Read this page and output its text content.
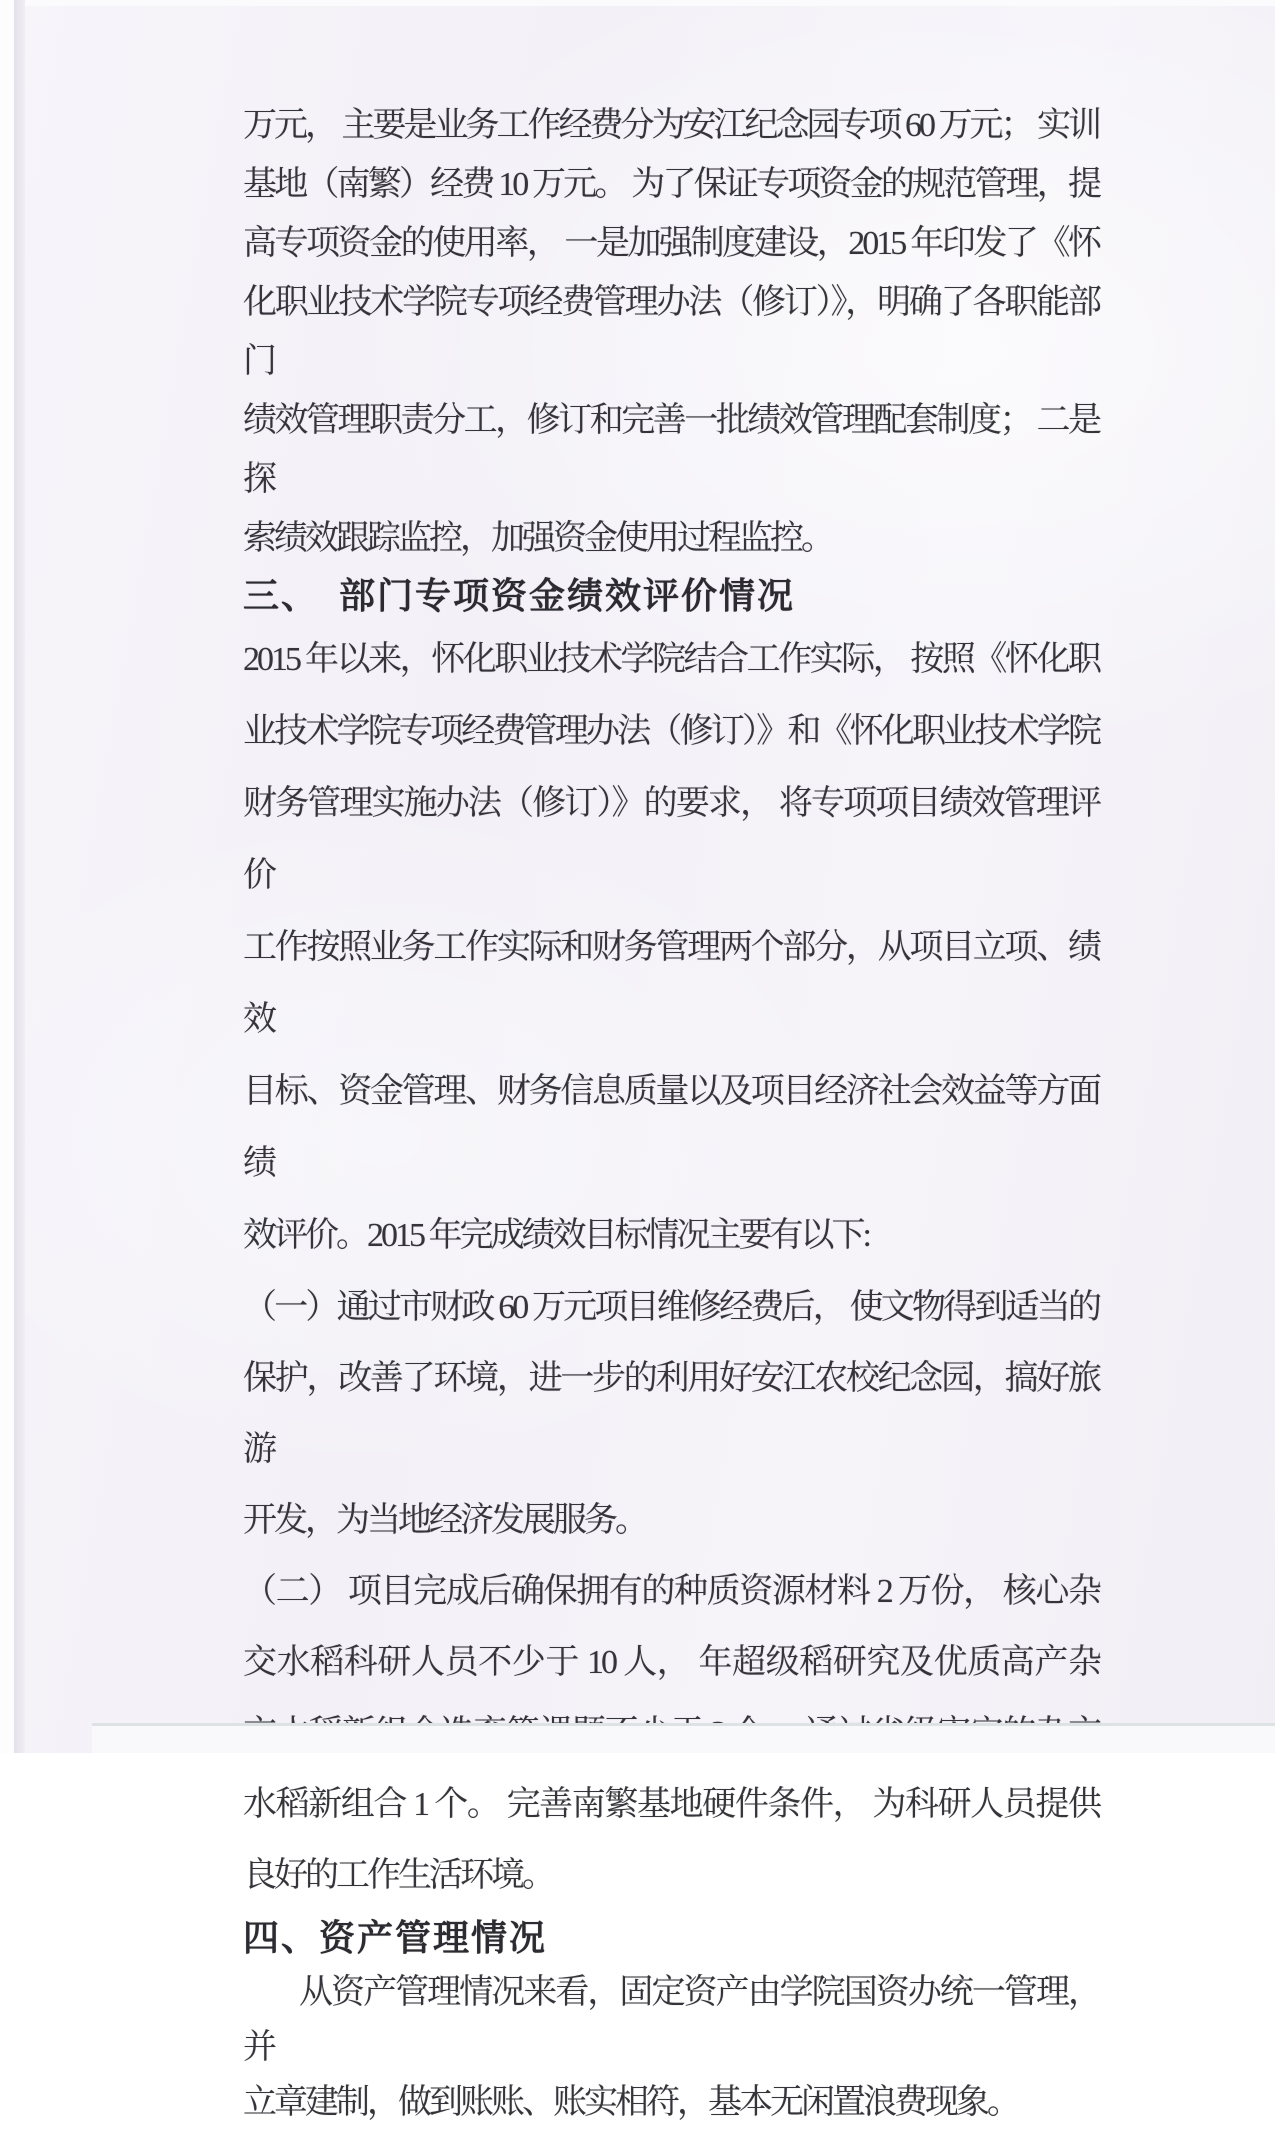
万元， 主要是业务工作经费分为安江纪念园专项 60 万元； 实训
基地（南繁）经费 10 万元。 为了保证专项资金的规范管理，提
高专项资金的使用率， 一是加强制度建设，2015 年印发了《怀
化职业技术学院专项经费管理办法（修订）》，明确了各职能部门
绩效管理职责分工，修订和完善一批绩效管理配套制度； 二是探
索绩效跟踪监控，加强资金使用过程监控。
三、　部门专项资金绩效评价情况
2015 年以来，怀化职业技术学院结合工作实际， 按照《怀化职
业技术学院专项经费管理办法（修订）》和《怀化职业技术学院
财务管理实施办法（修订）》的要求， 将专项项目绩效管理评价
工作按照业务工作实际和财务管理两个部分，从项目立项、绩效
目标、资金管理、财务信息质量以及项目经济社会效益等方面绩
效评价。2015 年完成绩效目标情况主要有以下:
（一）通过市财政 60 万元项目维修经费后， 使文物得到适当的
保护，改善了环境，进一步的利用好安江农校纪念园，搞好旅游
开发，为当地经济发展服务。
（二） 项目完成后确保拥有的种质资源材料 2 万份， 核心杂
交水稻科研人员不少于 10 人， 年超级稻研究及优质高产杂
水稻新组合 1 个。 完善南繁基地硬件条件， 为科研人员提供
良好的工作生活环境。
四、资产管理情况
从资产管理情况来看，固定资产由学院国资办统一管理，并
立章建制，做到账账、账实相符，基本无闲置浪费现象。
